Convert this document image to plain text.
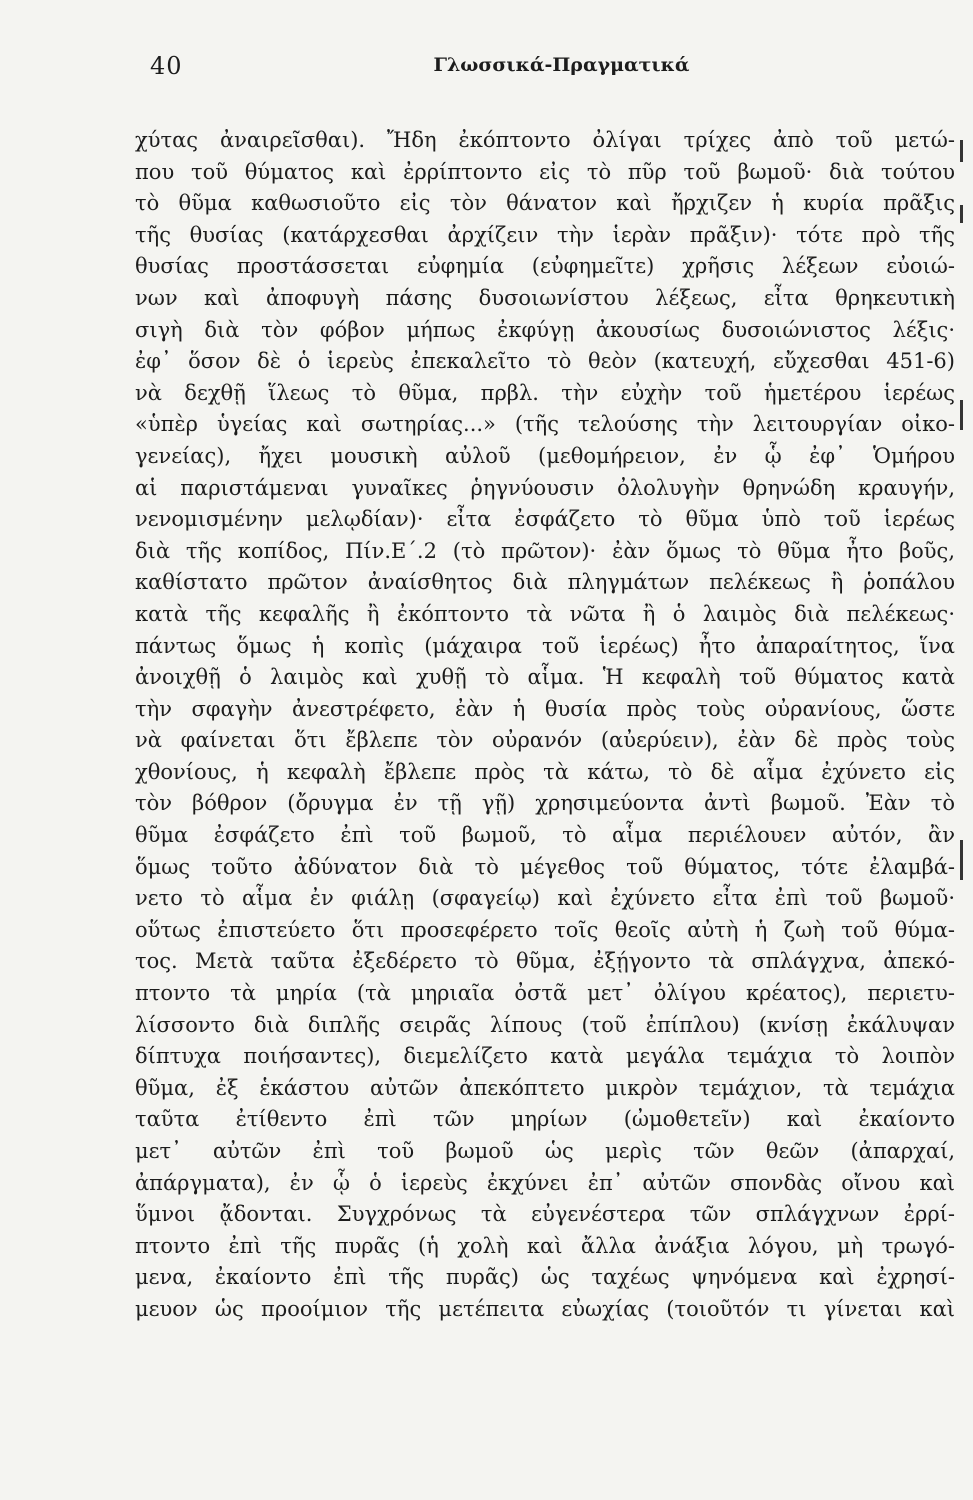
40	Γλωσσικά-Πραγματικά
χύτας ἀναιρεῖσθαι). Ἤδη ἐκόπτοντο ὀλίγαι τρίχες ἀπὸ τοῦ μετώ-
που τοῦ θύματος καὶ ἐρρίπτοντο εἰς τὸ πῦρ τοῦ βωμοῦ· διὰ τούτου
τὸ θῦμα καθωσιοῦτο εἰς τὸν θάνατον καὶ ἤρχιζεν ἡ κυρία πρᾶξις
τῆς θυσίας (κατάρχεσθαι ἀρχίζειν τὴν ἱερὰν πρᾶξιν)· τότε πρὸ τῆς
θυσίας προστάσσεται εὐφημία (εὐφημεῖτε) χρῆσις λέξεων εὐοιώ-
νων καὶ ἀποφυγὴ πάσης δυσοιωνίστου λέξεως, εἶτα θρηκευτικὴ
σιγὴ διὰ τὸν φόβον μήπως ἐκφύγῃ ἀκουσίως δυσοιώνιστος λέξις·
ἐφ᾽ ὅσον δὲ ὁ ἱερεὺς ἐπεκαλεῖτο τὸ θεὸν (κατευχή, εὔχεσθαι 451-6)
νὰ δεχθῇ ἵλεως τὸ θῦμα, πρβλ. τὴν εὐχὴν τοῦ ἡμετέρου ἱερέως
«ὑπὲρ ὑγείας καὶ σωτηρίας...» (τῆς τελούσης τὴν λειτουργίαν οἰκο-
γενείας), ἤχει μουσικὴ αὐλοῦ (μεθομήρειον, ἐν ᾧ ἐφ᾽ Ὁμήρου
αἱ παριστάμεναι γυναῖκες ῥηγνύουσιν ὀλολυγὴν θρηνώδη κραυγήν,
νενομισμένην μελῳδίαν)· εἶτα ἐσφάζετο τὸ θῦμα ὑπὸ τοῦ ἱερέως
διὰ τῆς κοπίδος, Πίν.Ε΄.2 (τὸ πρῶτον)· ἐὰν ὅμως τὸ θῦμα ἦτο βοῦς,
καθίστατο πρῶτον ἀναίσθητος διὰ πληγμάτων πελέκεως ἢ ῥοπάλου
κατὰ τῆς κεφαλῆς ἢ ἐκόπτοντο τὰ νῶτα ἢ ὁ λαιμὸς διὰ πελέκεως·
πάντως ὅμως ἡ κοπὶς (μάχαιρα τοῦ ἱερέως) ἦτο ἀπαραίτητος, ἵνα
ἀνοιχθῇ ὁ λαιμὸς καὶ χυθῇ τὸ αἷμα. Ἡ κεφαλὴ τοῦ θύματος κατὰ
τὴν σφαγὴν ἀνεστρέφετο, ἐὰν ἡ θυσία πρὸς τοὺς οὐρανίους, ὥστε
νὰ φαίνεται ὅτι ἔβλεπε τὸν οὐρανόν (αὐερύειν), ἐὰν δὲ πρὸς τοὺς
χθονίους, ἡ κεφαλὴ ἔβλεπε πρὸς τὰ κάτω, τὸ δὲ αἷμα ἐχύνετο εἰς
τὸν βόθρον (ὄρυγμα ἐν τῇ γῇ) χρησιμεύοντα ἀντὶ βωμοῦ. Ἐὰν τὸ
θῦμα ἐσφάζετο ἐπὶ τοῦ βωμοῦ, τὸ αἷμα περιέλουεν αὐτόν, ἂν
ὅμως τοῦτο ἀδύνατον διὰ τὸ μέγεθος τοῦ θύματος, τότε ἐλαμβά-
νετο τὸ αἷμα ἐν φιάλῃ (σφαγείῳ) καὶ ἐχύνετο εἶτα ἐπὶ τοῦ βωμοῦ·
οὕτως ἐπιστεύετο ὅτι προσεφέρετο τοῖς θεοῖς αὐτὴ ἡ ζωὴ τοῦ θύμα-
τος. Μετὰ ταῦτα ἐξεδέρετο τὸ θῦμα, ἐξῄγοντο τὰ σπλάγχνα, ἀπεκό-
πτοντο τὰ μηρία (τὰ μηριαῖα ὀστᾶ μετ᾽ ὀλίγου κρέατος), περιετυ-
λίσσοντο διὰ διπλῆς σειρᾶς λίπους (τοῦ ἐπίπλου) (κνίσῃ ἐκάλυψαν
δίπτυχα ποιήσαντες), διεμελίζετο κατὰ μεγάλα τεμάχια τὸ λοιπὸν
θῦμα, ἐξ ἑκάστου αὐτῶν ἀπεκόπτετο μικρὸν τεμάχιον, τὰ τεμάχια
ταῦτα ἐτίθεντο ἐπὶ τῶν μηρίων (ὠμοθετεῖν) καὶ ἐκαίοντο
μετ᾽ αὐτῶν ἐπὶ τοῦ βωμοῦ ὡς μερὶς τῶν θεῶν (ἀπαρχαί,
ἀπάργματα), ἐν ᾧ ὁ ἱερεὺς ἐκχύνει ἐπ᾽ αὐτῶν σπονδὰς οἴνου καὶ
ὕμνοι ᾄδονται. Συγχρόνως τὰ εὐγενέστερα τῶν σπλάγχνων ἐρρί-
πτοντο ἐπὶ τῆς πυρᾶς (ἡ χολὴ καὶ ἄλλα ἀνάξια λόγου, μὴ τρωγό-
μενα, ἐκαίοντο ἐπὶ τῆς πυρᾶς) ὡς ταχέως ψηνόμενα καὶ ἐχρησί-
μευον ὡς προοίμιον τῆς μετέπειτα εὐωχίας (τοιοῦτόν τι γίνεται καὶ
